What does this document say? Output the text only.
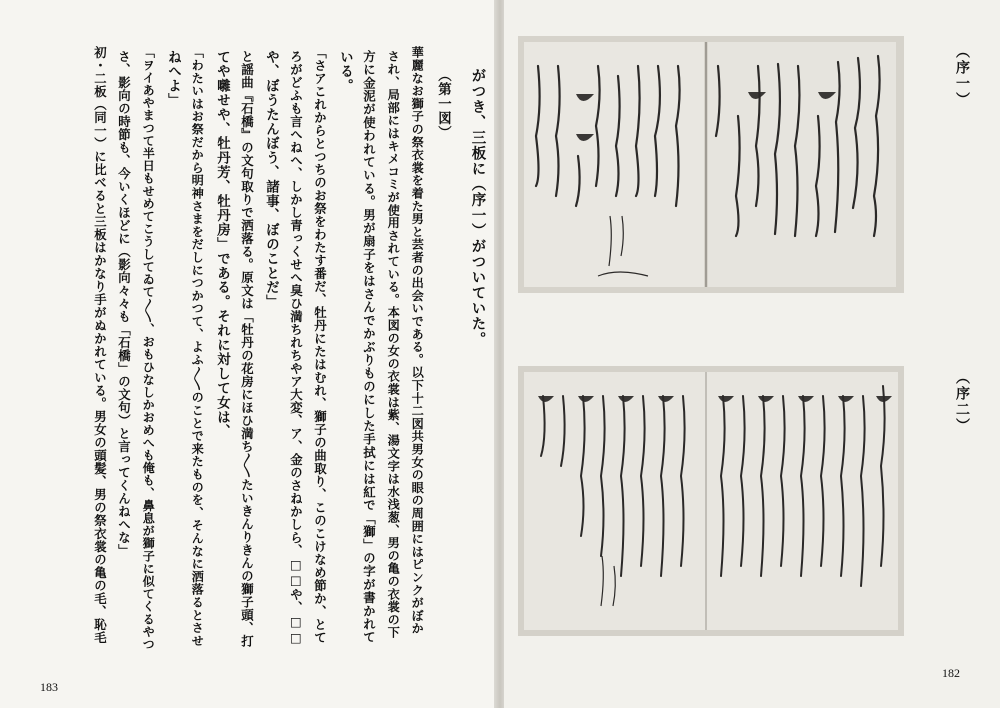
がつき、三板に（序一）がついていた。
（第一図）
華麗なお獅子の祭衣裳を着た男と芸者の出会いである。以下十二図共男女の眼の周囲にはピンクがぼか
され、局部にはキメコミが使用されている。本図の女の衣裳は紫、湯文字は水浅葱、男の亀の衣裳の下
方に金泥が使われている。男が扇子をはさんでかぶりものにした手拭には紅で「獅」の字が書かれて
いる。
「さアこれからとつちのお祭をわたす番だ、牡丹にたはむれ、獅子の曲取り、このこけなめ節か、とて
ろがどふも言へねへ、しかし青っくせへ臭ひ満ちれちやア大変、ア、金のさねかしら、□□や、□□
や、ぼうたんぼう、諸事、ぼのことだ」
と謡曲『石橋』の文句取りで洒落る。原文は「牡丹の花房にほひ満ち〳〵たいきんりきんの獅子頭、打
てや囃せや、牡丹芳、牡丹房」である。それに対して女は、
「わたいはお祭だから明神さまをだしにつかつて、よふ〳〵のことで来たものを、そんなに洒落るとさせ
ねへよ」
「ヲイあやまつて半日もせめてこうしてゐて〳〵、おもひなしかおめへも俺も、鼻息が獅子に似てくるやつ
さ、影向の時節も、今いくほどに（影向々々も「石橋」の文句）と言ってくんねへな」
初・二板（同一）に比べると三板はかなり手がぬかれている。男女の頭髪、男の祭衣裳の亀の毛、恥毛
183
（序一）
（序二）
182
